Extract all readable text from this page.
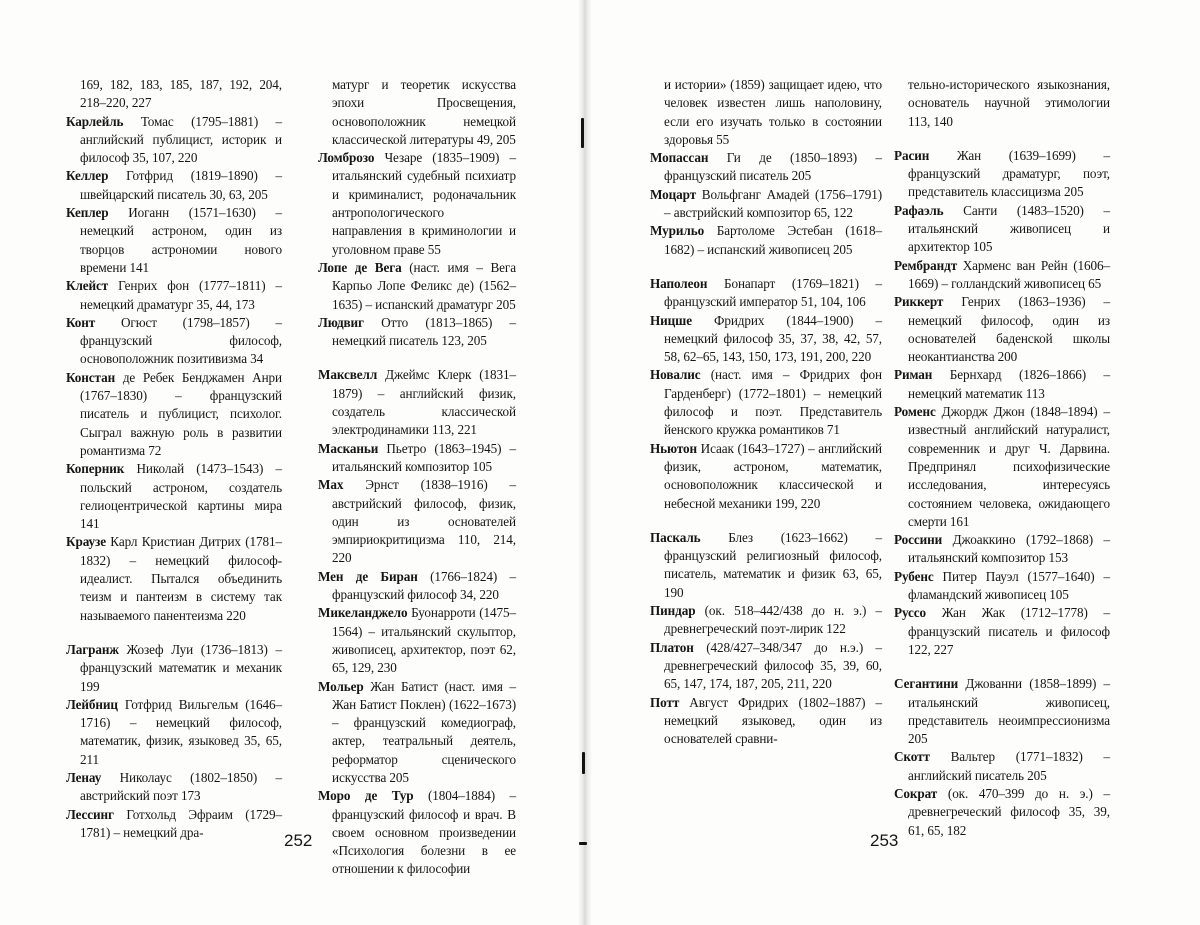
169, 182, 183, 185, 187, 192, 204, 218–220, 227

Карлейль Томас (1795–1881) – английский публицист, историк и философ 35, 107, 220

Келлер Готфрид (1819–1890) – швейцарский писатель 30, 63, 205

Кеплер Иоганн (1571–1630) – немецкий астроном, один из творцов астрономии нового времени 141

Клейст Генрих фон (1777–1811) – немецкий драматург 35, 44, 173

Конт Огюст (1798–1857) – французский философ, основоположник позитивизма 34

Констан де Ребек Бенджамен Анри (1767–1830) – французский писатель и публицист, психолог. Сыграл важную роль в развитии романтизма 72

Коперник Николай (1473–1543) – польский астроном, создатель гелиоцентрической картины мира 141

Краузе Карл Кристиан Дитрих (1781–1832) – немецкий философ-идеалист. Пытался объединить теизм и пантеизм в систему так называемого панентеизма 220

Лагранж Жозеф Луи (1736–1813) – французский математик и механик 199

Лейбниц Готфрид Вильгельм (1646–1716) – немецкий философ, математик, физик, языковед 35, 65, 211

Ленау Николаус (1802–1850) – австрийский поэт 173

Лессинг Готхольд Эфраим (1729–1781) – немецкий дра-

матург и теоретик искусства эпохи Просвещения, основоположник немецкой классической литературы 49, 205

Ломброзо Чезаре (1835–1909) – итальянский судебный психиатр и криминалист, родоначальник антропологического направления в криминологии и уголовном праве 55

Лопе де Вега (наст. имя – Вега Карпьо Лопе Феликс де) (1562–1635) – испанский драматург 205

Людвиг Отто (1813–1865) – немецкий писатель 123, 205

Максвелл Джеймс Клерк (1831–1879) – английский физик, создатель классической электродинамики 113, 221

Масканьи Пьетро (1863–1945) – итальянский композитор 105

Мах Эрнст (1838–1916) – австрийский философ, физик, один из основателей эмпириокритицизма 110, 214, 220

Мен де Биран (1766–1824) – французский философ 34, 220

Микеланджело Буонарроти (1475–1564) – итальянский скульптор, живописец, архитектор, поэт 62, 65, 129, 230

Мольер Жан Батист (наст. имя – Жан Батист Поклен) (1622–1673) – французский комедиограф, актер, театральный деятель, реформатор сценического искусства 205

Моро де Тур (1804–1884) – французский философ и врач. В своем основном произведении «Психология болезни в ее отношении к философии

252

и истории» (1859) защищает идею, что человек известен лишь наполовину, если его изучать только в состоянии здоровья 55

Мопассан Ги де (1850–1893) – французский писатель 205

Моцарт Вольфганг Амадей (1756–1791) – австрийский композитор 65, 122

Мурильо Бартоломе Эстебан (1618–1682) – испанский живописец 205

Наполеон Бонапарт (1769–1821) – французский император 51, 104, 106

Ницше Фридрих (1844–1900) – немецкий философ 35, 37, 38, 42, 57, 58, 62–65, 143, 150, 173, 191, 200, 220

Новалис (наст. имя – Фридрих фон Гарденберг) (1772–1801) – немецкий философ и поэт. Представитель йенского кружка романтиков 71

Ньютон Исаак (1643–1727) – английский физик, астроном, математик, основоположник классической и небесной механики 199, 220

Паскаль Блез (1623–1662) – французский религиозный философ, писатель, математик и физик 63, 65, 190

Пиндар (ок. 518–442/438 до н. э.) – древнегреческий поэт-лирик 122

Платон (428/427–348/347 до н.э.) – древнегреческий философ 35, 39, 60, 65, 147, 174, 187, 205, 211, 220

Потт Август Фридрих (1802–1887) – немецкий языковед, один из основателей сравни-

тельно-исторического языкознания, основатель научной этимологии 113, 140

Расин Жан (1639–1699) – французский драматург, поэт, представитель классицизма 205

Рафаэль Санти (1483–1520) – итальянский живописец и архитектор 105

Рембрандт Харменс ван Рейн (1606–1669) – голландский живописец 65

Риккерт Генрих (1863–1936) – немецкий философ, один из основателей баденской школы неокантианства 200

Риман Бернхард (1826–1866) – немецкий математик 113

Роменс Джордж Джон (1848–1894) – известный английский натуралист, современник и друг Ч. Дарвина. Предпринял психофизические исследования, интересуясь состоянием человека, ожидающего смерти 161

Россини Джоаккино (1792–1868) – итальянский композитор 153

Рубенс Питер Пауэл (1577–1640) – фламандский живописец 105

Руссо Жан Жак (1712–1778) – французский писатель и философ 122, 227

Сегантини Джованни (1858–1899) – итальянский живописец, представитель неоимпрессионизма 205

Скотт Вальтер (1771–1832) – английский писатель 205

Сократ (ок. 470–399 до н. э.) – древнегреческий философ 35, 39, 61, 65, 182

253
